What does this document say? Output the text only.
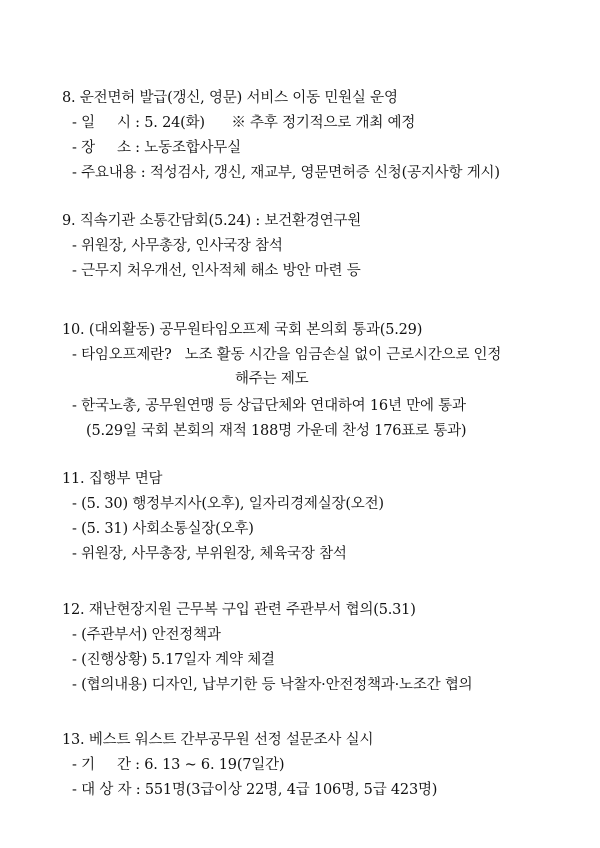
8. 운전면허 발급(갱신, 영문) 서비스 이동 민원실 운영
- 일     시 : 5. 24(화)      ※ 추후 정기적으로 개최 예정
- 장     소 : 노동조합사무실
- 주요내용 : 적성검사, 갱신, 재교부, 영문면허증 신청(공지사항 게시)
9. 직속기관 소통간담회(5.24) : 보건환경연구원
- 위원장, 사무총장, 인사국장 참석
- 근무지 처우개선, 인사적체 해소 방안 마련 등
10. (대외활동) 공무원타임오프제 국회 본의회 통과(5.29)
- 타임오프제란?   노조 활동 시간을 임금손실 없이 근로시간으로 인정
해주는 제도
- 한국노총, 공무원연맹 등 상급단체와 연대하여 16년 만에 통과
(5.29일 국회 본회의 재적 188명 가운데 찬성 176표로 통과)
11. 집행부 면담
- (5. 30) 행정부지사(오후), 일자리경제실장(오전)
- (5. 31) 사회소통실장(오후)
- 위원장, 사무총장, 부위원장, 체육국장 참석
12. 재난현장지원 근무복 구입 관련 주관부서 협의(5.31)
- (주관부서) 안전정책과
- (진행상황) 5.17일자 계약 체결
- (협의내용) 디자인, 납부기한 등 낙찰자·안전정책과·노조간 협의
13. 베스트 워스트 간부공무원 선정 설문조사 실시
- 기     간 : 6. 13 ~ 6. 19(7일간)
- 대 상 자 : 551명(3급이상 22명, 4급 106명, 5급 423명)
